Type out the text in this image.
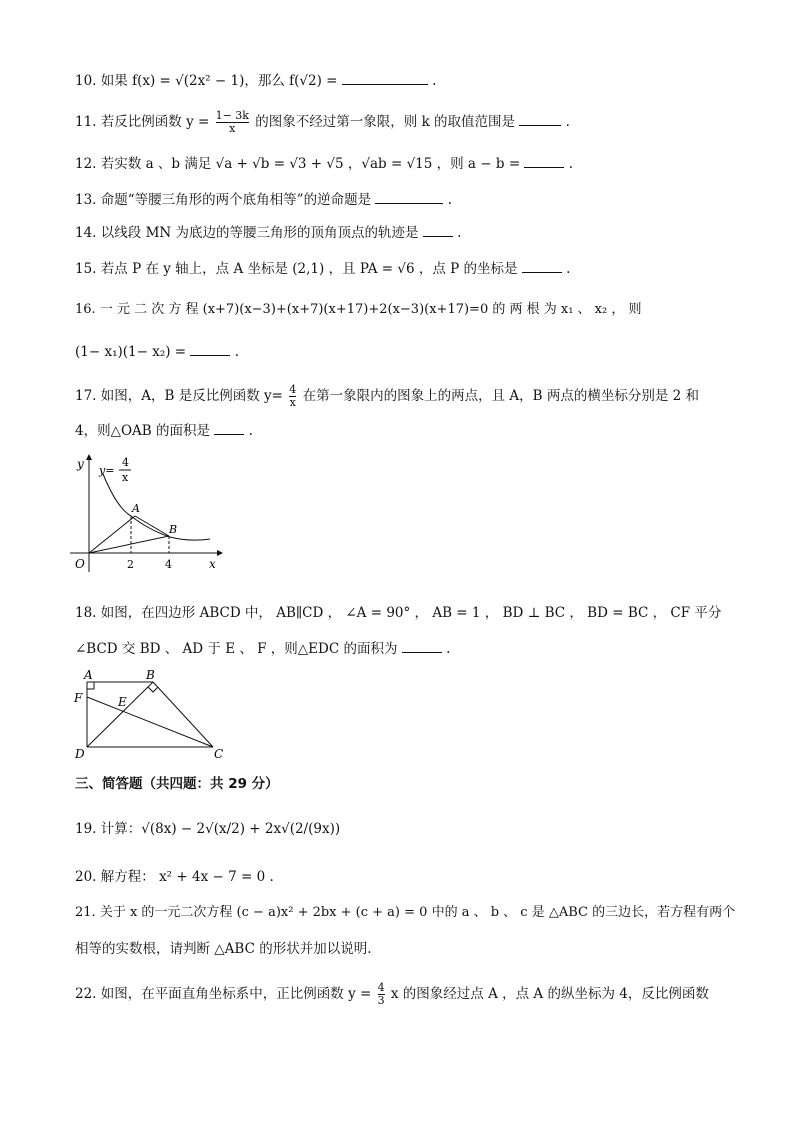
10. 如果 f(x) = √(2x² − 1)，那么 f(√2) =	.
11. 若反比例函数 $y = \frac{1- 3k}{x}$ 的图象不经过第一象限，则 k 的取值范围是	.
12. 若实数 a 、b 满足 √a + √b = √3 + √5 ，√ab = √15 ，则 a − b =	.
13. 命题“等腰三角形的两个底角相等”的逆命题是	.
14. 以线段 MN 为底边的等腰三角形的顶角顶点的轨迹是	.
15. 若点 P 在 y 轴上，点 A 坐标是 (2,1) ，且 PA = √6 ，点 P 的坐标是	.
16. 一 元 二 次 方 程 (x+7)(x−3)+(x+7)(x+17)+2(x−3)(x+17)=0 的 两 根 为 x₁ 、 x₂ ， 则
(1− x₁)(1− x₂) =	.
17. 如图，A，B 是反比例函数 $y= \frac{4}{x}$ 在第一象限内的图象上的两点，且 A，B 两点的横坐标分别是 2 和
4，则△OAB 的面积是	.
y
x
O
A
B
2	4
y=
4
x
18. 如图，在四边形 ABCD 中， AB∥CD ， ∠A = 90° ， AB = 1 ， BD ⊥ BC ， BD = BC ， CF 平分
∠BCD 交 BD 、 AD 于 E 、 F ，则△EDC 的面积为	.
A	B
C
D
E
F
三、简答题（共四题：共 29 分）
19. 计算：√(8x) − 2√(x/2) + 2x√(2/(9x))
20. 解方程： x² + 4x − 7 = 0 .
21. 关于 x 的一元二次方程 (c − a)x² + 2bx + (c + a) = 0 中的 a 、 b 、 c 是 △ABC 的三边长，若方程有两个
相等的实数根，请判断 △ABC 的形状并加以说明.
22. 如图，在平面直角坐标系中，正比例函数 $y = \frac{4}{3}$ x 的图象经过点 A ，点 A 的纵坐标为 4，反比例函数
